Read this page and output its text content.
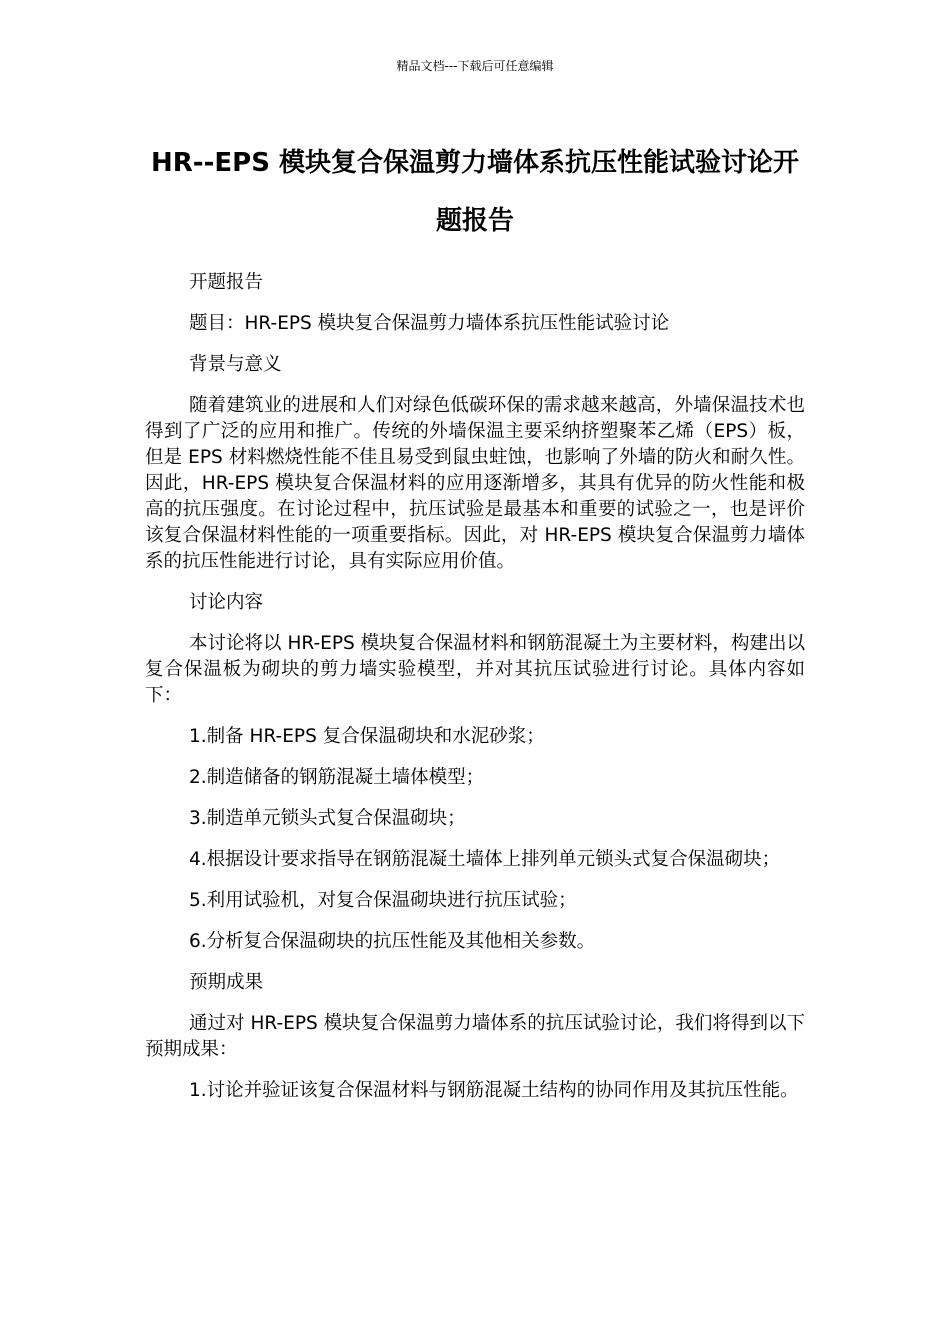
精品文档---下载后可任意编辑
HR--EPS 模块复合保温剪力墙体系抗压性能试验讨论开题报告

开题报告

题目：HR-EPS 模块复合保温剪力墙体系抗压性能试验讨论

背景与意义

随着建筑业的进展和人们对绿色低碳环保的需求越来越高，外墙保温技术也得到了广泛的应用和推广。传统的外墙保温主要采纳挤塑聚苯乙烯（EPS）板，但是 EPS 材料燃烧性能不佳且易受到鼠虫蛀蚀，也影响了外墙的防火和耐久性。因此，HR-EPS 模块复合保温材料的应用逐渐增多，其具有优异的防火性能和极高的抗压强度。在讨论过程中，抗压试验是最基本和重要的试验之一，也是评价该复合保温材料性能的一项重要指标。因此，对 HR-EPS 模块复合保温剪力墙体系的抗压性能进行讨论，具有实际应用价值。

讨论内容

本讨论将以 HR-EPS 模块复合保温材料和钢筋混凝土为主要材料，构建出以复合保温板为砌块的剪力墙实验模型，并对其抗压试验进行讨论。具体内容如下：

1.制备 HR-EPS 复合保温砌块和水泥砂浆；

2.制造储备的钢筋混凝土墙体模型；

3.制造单元锁头式复合保温砌块；

4.根据设计要求指导在钢筋混凝土墙体上排列单元锁头式复合保温砌块；

5.利用试验机，对复合保温砌块进行抗压试验；

6.分析复合保温砌块的抗压性能及其他相关参数。

预期成果

通过对 HR-EPS 模块复合保温剪力墙体系的抗压试验讨论，我们将得到以下预期成果：

1.讨论并验证该复合保温材料与钢筋混凝土结构的协同作用及其抗压性能。
